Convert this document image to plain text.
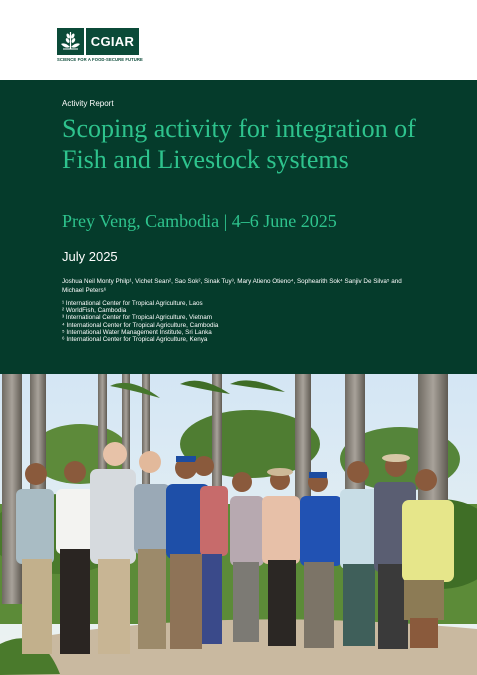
CGIAR
SCIENCE FOR A FOOD-SECURE FUTURE
Activity Report
Scoping activity for integration of Fish and Livestock systems
Prey Veng, Cambodia | 4–6 June 2025
July 2025
Joshua Neil Monty Philp¹, Vichet Sean², Sao Sok², Sinak Tuy³, Mary Atieno Otieno⁴, Sophearith Sok⁴ Sanjiv De Silva⁵ and Michael Peters⁶
¹ International Center for Tropical Agriculture, Laos
² WorldFish, Cambodia
³ International Center for Tropical Agriculture, Vietnam
⁴ International Center for Tropical Agriculture, Cambodia
⁵ International Water Management Institute, Sri Lanka
⁶ International Center for Tropical Agriculture, Kenya
